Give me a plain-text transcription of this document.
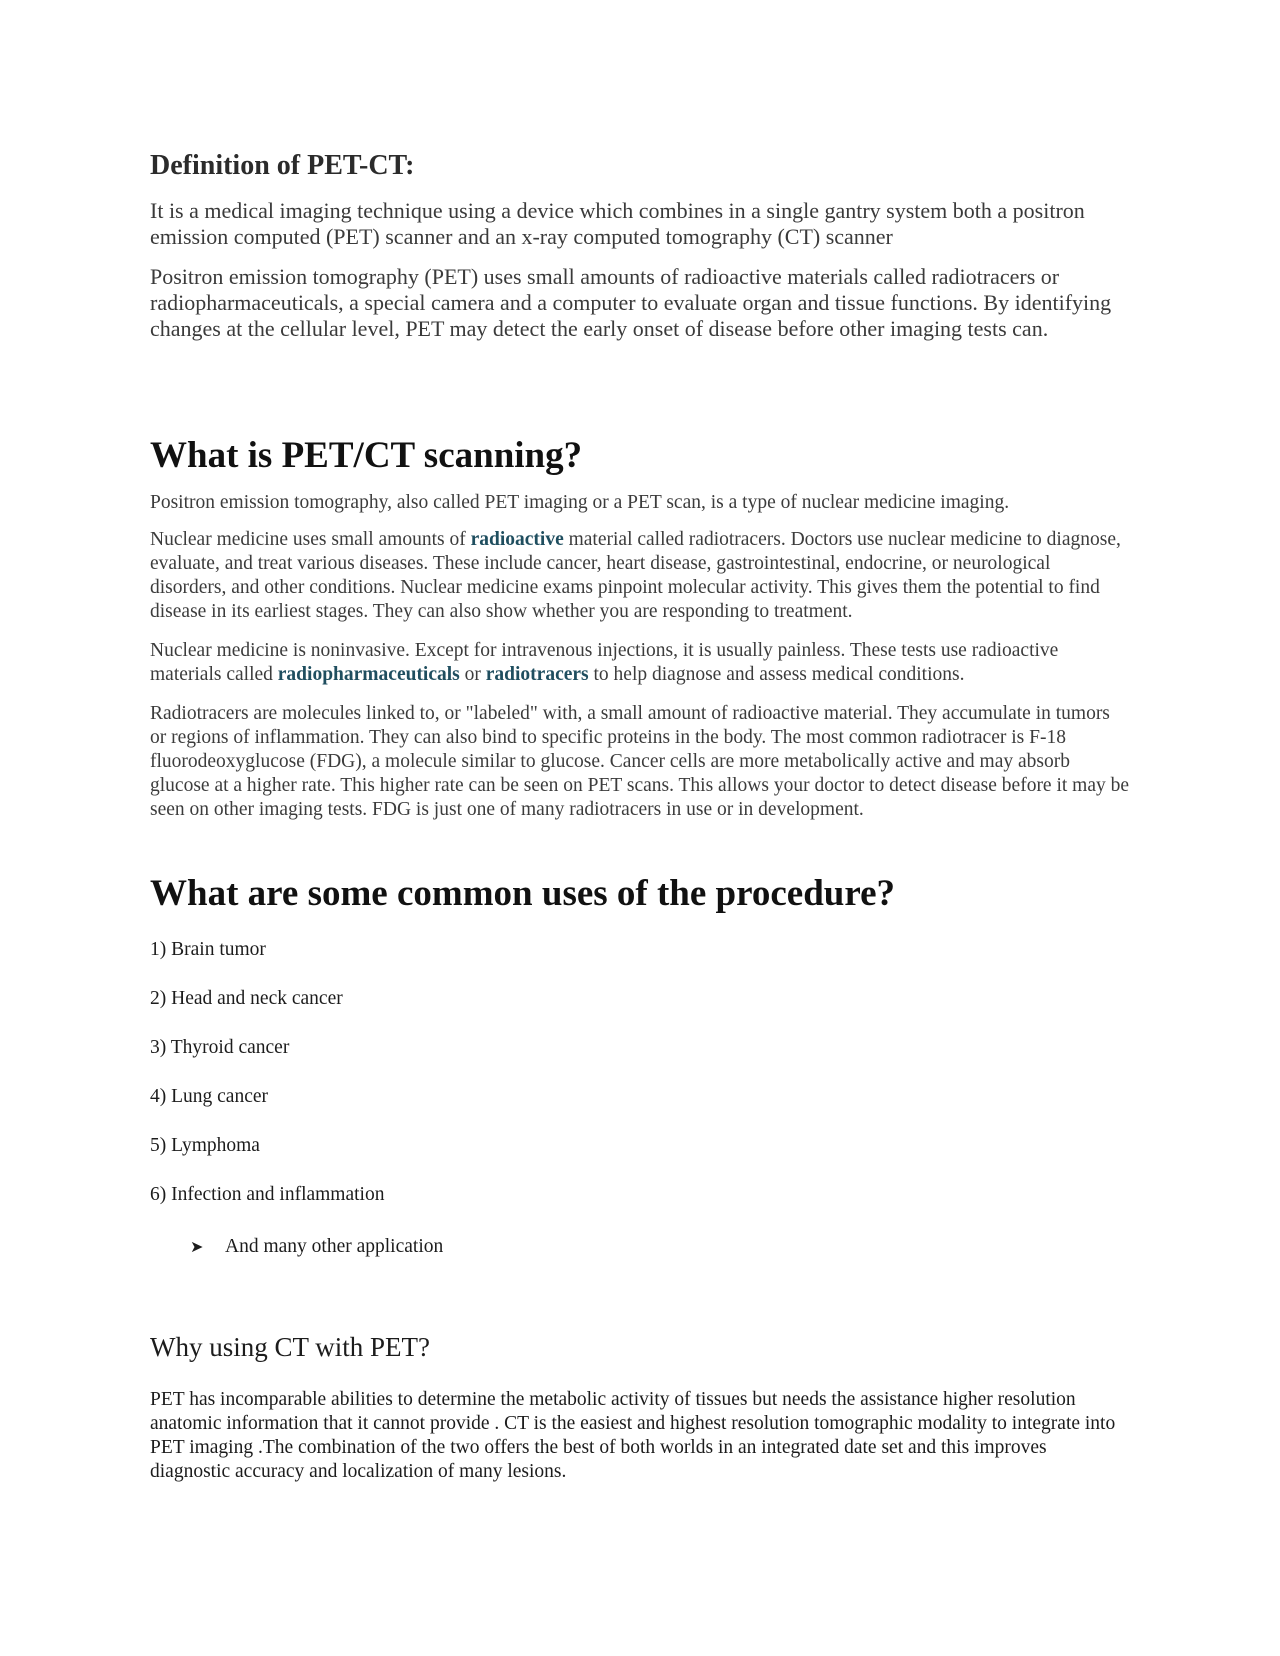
Definition of PET-CT:

It is a medical imaging technique using a device which combines in a single gantry system both a positron emission computed (PET) scanner and an x-ray computed tomography (CT) scanner

Positron emission tomography (PET) uses small amounts of radioactive materials called radiotracers or radiopharmaceuticals, a special camera and a computer to evaluate organ and tissue functions. By identifying changes at the cellular level, PET may detect the early onset of disease before other imaging tests can.

What is PET/CT scanning?

Positron emission tomography, also called PET imaging or a PET scan, is a type of nuclear medicine imaging.

Nuclear medicine uses small amounts of radioactive material called radiotracers. Doctors use nuclear medicine to diagnose, evaluate, and treat various diseases. These include cancer, heart disease, gastrointestinal, endocrine, or neurological disorders, and other conditions. Nuclear medicine exams pinpoint molecular activity. This gives them the potential to find disease in its earliest stages. They can also show whether you are responding to treatment.

Nuclear medicine is noninvasive. Except for intravenous injections, it is usually painless. These tests use radioactive materials called radiopharmaceuticals or radiotracers to help diagnose and assess medical conditions.

Radiotracers are molecules linked to, or "labeled" with, a small amount of radioactive material. They accumulate in tumors or regions of inflammation. They can also bind to specific proteins in the body. The most common radiotracer is F-18 fluorodeoxyglucose (FDG), a molecule similar to glucose. Cancer cells are more metabolically active and may absorb glucose at a higher rate. This higher rate can be seen on PET scans. This allows your doctor to detect disease before it may be seen on other imaging tests. FDG is just one of many radiotracers in use or in development.

What are some common uses of the procedure?
1) Brain tumor
2) Head and neck cancer
3) Thyroid cancer
4) Lung cancer
5) Lymphoma
6) Infection and inflammation
➤ And many other application
Why using CT with PET?

PET has incomparable abilities to determine the metabolic activity of tissues but needs the assistance higher resolution anatomic information that it cannot provide . CT is the easiest and highest resolution tomographic modality to integrate into PET imaging .The combination of the two offers the best of both worlds in an integrated date set and this improves diagnostic accuracy and localization of many lesions.
